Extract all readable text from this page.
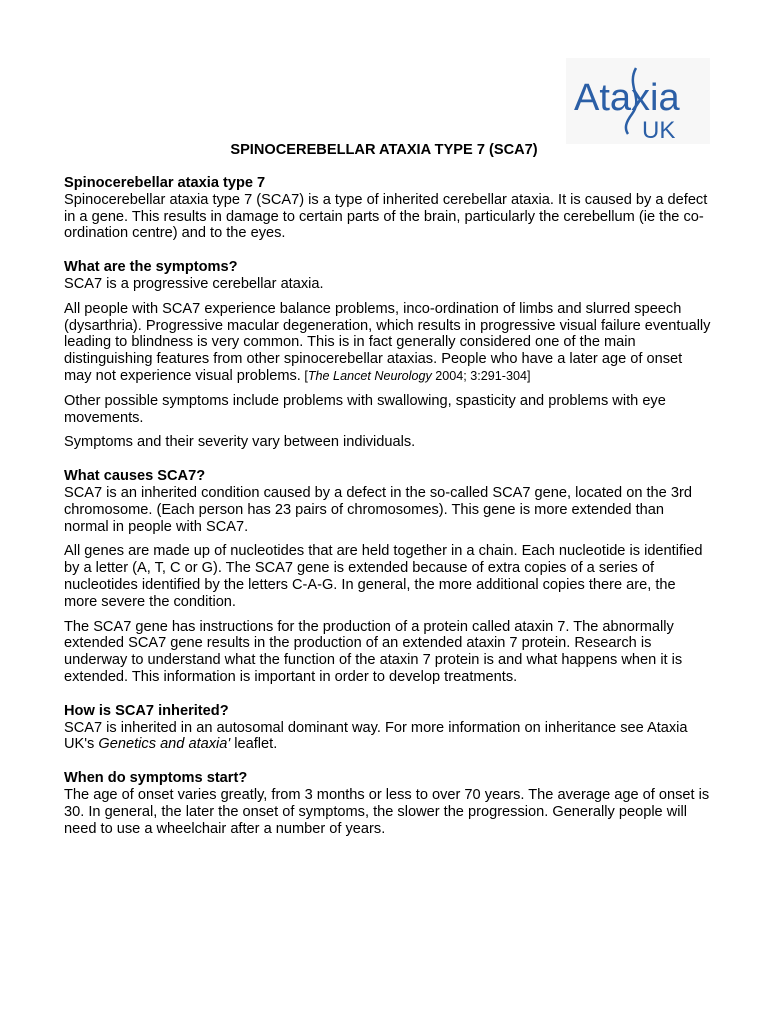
Ataxia
UK
SPINOCEREBELLAR ATAXIA TYPE 7 (SCA7)
Spinocerebellar ataxia type 7

Spinocerebellar ataxia type 7 (SCA7) is a type of inherited cerebellar ataxia. It is caused by a defect in a gene. This results in damage to certain parts of the brain, particularly the cerebellum (ie the co-ordination centre) and to the eyes.

What are the symptoms?

SCA7 is a progressive cerebellar ataxia.

All people with SCA7 experience balance problems, inco-ordination of limbs and slurred speech (dysarthria). Progressive macular degeneration, which results in progressive visual failure eventually leading to blindness is very common. This is in fact generally considered one of the main distinguishing features from other spinocerebellar ataxias. People who have a later age of onset may not experience visual problems. [The Lancet Neurology 2004; 3:291-304]

Other possible symptoms include problems with swallowing, spasticity and problems with eye movements.

Symptoms and their severity vary between individuals.

What causes SCA7?

SCA7 is an inherited condition caused by a defect in the so-called SCA7 gene, located on the 3rd chromosome. (Each person has 23 pairs of chromosomes). This gene is more extended than normal in people with SCA7.

All genes are made up of nucleotides that are held together in a chain. Each nucleotide is identified by a letter (A, T, C or G). The SCA7 gene is extended because of extra copies of a series of nucleotides identified by the letters C-A-G. In general, the more additional copies there are, the more severe the condition.

The SCA7 gene has instructions for the production of a protein called ataxin 7. The abnormally extended SCA7 gene results in the production of an extended ataxin 7 protein. Research is underway to understand what the function of the ataxin 7 protein is and what happens when it is extended. This information is important in order to develop treatments.

How is SCA7 inherited?

SCA7 is inherited in an autosomal dominant way. For more information on inheritance see Ataxia UK's Genetics and ataxia' leaflet.

When do symptoms start?

The age of onset varies greatly, from 3 months or less to over 70 years. The average age of onset is 30. In general, the later the onset of symptoms, the slower the progression. Generally people will need to use a wheelchair after a number of years.
